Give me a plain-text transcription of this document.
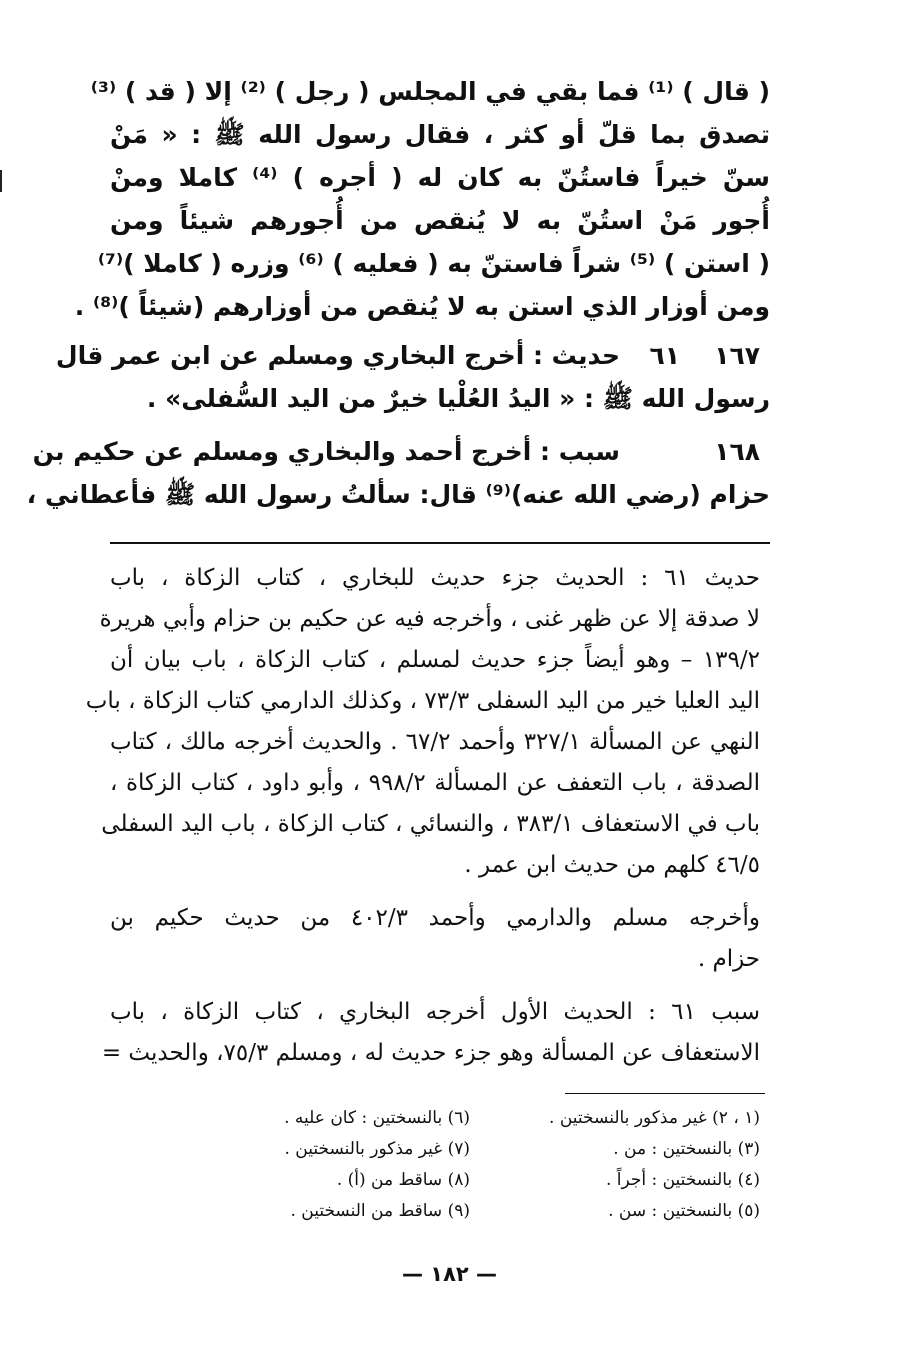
( قال ) ⁽¹⁾ فما بقي في المجلس ( رجل ) ⁽²⁾ إلا ( قد ) ⁽³⁾
تصدق بما قلّ أو كثر ، فقال رسول الله ﷺ : « مَنْ
سنّ خيراً فاستُنّ به كان له ( أجره ) ⁽⁴⁾ كاملا ومنْ
أُجور مَنْ استُنّ به لا يُنقص من أُجورهم شيئاً ومن
( استن ) ⁽⁵⁾ شراً فاستنّ به ( فعليه ) ⁽⁶⁾ وزره ( كاملا )⁽⁷⁾
ومن أوزار الذي استن به لا يُنقص من أوزارهم (شيئاً )⁽⁸⁾ .
١٦٧
٦١
حديث : أخرج البخاري ومسلم عن ابن عمر قال
رسول الله ﷺ : « اليدُ العُلْيا خيرٌ من اليد السُّفلى» .
١٦٨
سبب : أخرج أحمد والبخاري ومسلم عن حكيم بن
حزام (رضي الله عنه)⁽⁹⁾ قال: سألتُ رسول الله ﷺ فأعطاني ،
حديث ٦١ : الحديث جزء حديث للبخاري ، كتاب الزكاة ، باب
لا صدقة إلا عن ظهر غنى ، وأخرجه فيه عن حكيم بن حزام وأبي هريرة
١٣٩/٢ – وهو أيضاً جزء حديث لمسلم ، كتاب الزكاة ، باب بيان أن
اليد العليا خير من اليد السفلى ٧٣/٣ ، وكذلك الدارمي كتاب الزكاة ، باب
النهي عن المسألة ٣٢٧/١ وأحمد ٦٧/٢ . والحديث أخرجه مالك ، كتاب
الصدقة ، باب التعفف عن المسألة ٩٩٨/٢ ، وأبو داود ، كتاب الزكاة ،
باب في الاستعفاف ٣٨٣/١ ، والنسائي ، كتاب الزكاة ، باب اليد السفلى
٤٦/٥ كلهم من حديث ابن عمر .
وأخرجه مسلم والدارمي وأحمد ٤٠٢/٣ من حديث حكيم بن
حزام .
سبب ٦١ : الحديث الأول أخرجه البخاري ، كتاب الزكاة ، باب
الاستعفاف عن المسألة وهو جزء حديث له ، ومسلم ٧٥/٣، والحديث =
(١ ، ٢) غير مذكور بالنسختين .
(٣) بالنسختين : من .
(٤) بالنسختين : أجراً .
(٥) بالنسختين : سن .
(٦) بالنسختين : كان عليه .
(٧) غير مذكور بالنسختين .
(٨) ساقط من (أ) .
(٩) ساقط من النسختين .
— ١٨٢ —
